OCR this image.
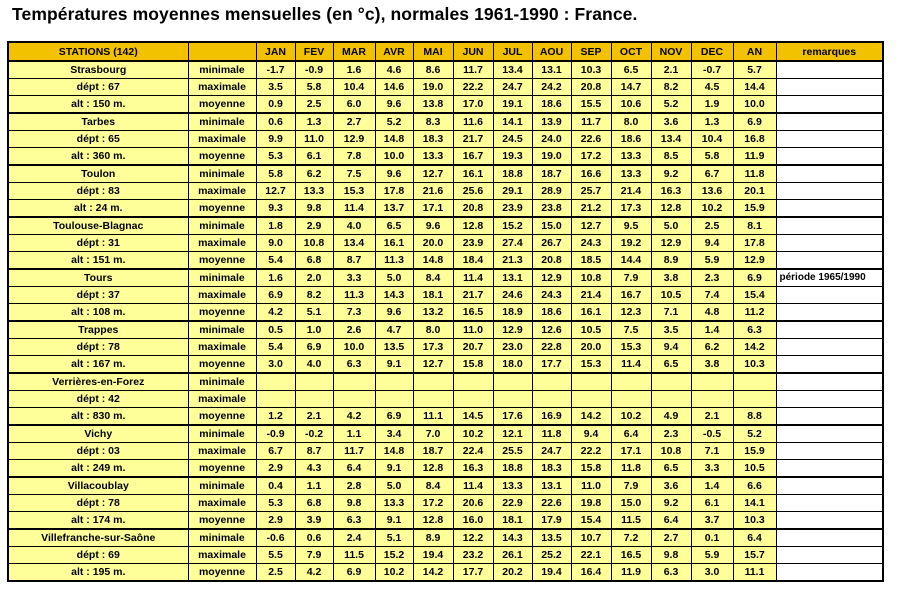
Températures moyennes mensuelles (en °c), normales 1961-1990 : France.
STATIONS (142)		JAN	FEV	MAR	AVR	MAI	JUN	JUL	AOU	SEP	OCT	NOV	DEC	AN	remarques
Strasbourg	minimale	-1.7	-0.9	1.6	4.6	8.6	11.7	13.4	13.1	10.3	6.5	2.1	-0.7	5.7	
dépt : 67	maximale	3.5	5.8	10.4	14.6	19.0	22.2	24.7	24.2	20.8	14.7	8.2	4.5	14.4	
alt : 150 m.	moyenne	0.9	2.5	6.0	9.6	13.8	17.0	19.1	18.6	15.5	10.6	5.2	1.9	10.0	
Tarbes	minimale	0.6	1.3	2.7	5.2	8.3	11.6	14.1	13.9	11.7	8.0	3.6	1.3	6.9	
dépt : 65	maximale	9.9	11.0	12.9	14.8	18.3	21.7	24.5	24.0	22.6	18.6	13.4	10.4	16.8	
alt : 360 m.	moyenne	5.3	6.1	7.8	10.0	13.3	16.7	19.3	19.0	17.2	13.3	8.5	5.8	11.9	
Toulon	minimale	5.8	6.2	7.5	9.6	12.7	16.1	18.8	18.7	16.6	13.3	9.2	6.7	11.8	
dépt : 83	maximale	12.7	13.3	15.3	17.8	21.6	25.6	29.1	28.9	25.7	21.4	16.3	13.6	20.1	
alt : 24 m.	moyenne	9.3	9.8	11.4	13.7	17.1	20.8	23.9	23.8	21.2	17.3	12.8	10.2	15.9	
Toulouse-Blagnac	minimale	1.8	2.9	4.0	6.5	9.6	12.8	15.2	15.0	12.7	9.5	5.0	2.5	8.1	
dépt : 31	maximale	9.0	10.8	13.4	16.1	20.0	23.9	27.4	26.7	24.3	19.2	12.9	9.4	17.8	
alt : 151 m.	moyenne	5.4	6.8	8.7	11.3	14.8	18.4	21.3	20.8	18.5	14.4	8.9	5.9	12.9	
Tours	minimale	1.6	2.0	3.3	5.0	8.4	11.4	13.1	12.9	10.8	7.9	3.8	2.3	6.9	période 1965/1990
dépt : 37	maximale	6.9	8.2	11.3	14.3	18.1	21.7	24.6	24.3	21.4	16.7	10.5	7.4	15.4	
alt : 108 m.	moyenne	4.2	5.1	7.3	9.6	13.2	16.5	18.9	18.6	16.1	12.3	7.1	4.8	11.2	
Trappes	minimale	0.5	1.0	2.6	4.7	8.0	11.0	12.9	12.6	10.5	7.5	3.5	1.4	6.3	
dépt : 78	maximale	5.4	6.9	10.0	13.5	17.3	20.7	23.0	22.8	20.0	15.3	9.4	6.2	14.2	
alt : 167 m.	moyenne	3.0	4.0	6.3	9.1	12.7	15.8	18.0	17.7	15.3	11.4	6.5	3.8	10.3	
Verrières-en-Forez	minimale														
dépt : 42	maximale														
alt : 830 m.	moyenne	1.2	2.1	4.2	6.9	11.1	14.5	17.6	16.9	14.2	10.2	4.9	2.1	8.8	
Vichy	minimale	-0.9	-0.2	1.1	3.4	7.0	10.2	12.1	11.8	9.4	6.4	2.3	-0.5	5.2	
dépt : 03	maximale	6.7	8.7	11.7	14.8	18.7	22.4	25.5	24.7	22.2	17.1	10.8	7.1	15.9	
alt : 249 m.	moyenne	2.9	4.3	6.4	9.1	12.8	16.3	18.8	18.3	15.8	11.8	6.5	3.3	10.5	
Villacoublay	minimale	0.4	1.1	2.8	5.0	8.4	11.4	13.3	13.1	11.0	7.9	3.6	1.4	6.6	
dépt : 78	maximale	5.3	6.8	9.8	13.3	17.2	20.6	22.9	22.6	19.8	15.0	9.2	6.1	14.1	
alt : 174 m.	moyenne	2.9	3.9	6.3	9.1	12.8	16.0	18.1	17.9	15.4	11.5	6.4	3.7	10.3	
Villefranche-sur-Saône	minimale	-0.6	0.6	2.4	5.1	8.9	12.2	14.3	13.5	10.7	7.2	2.7	0.1	6.4	
dépt : 69	maximale	5.5	7.9	11.5	15.2	19.4	23.2	26.1	25.2	22.1	16.5	9.8	5.9	15.7	
alt : 195 m.	moyenne	2.5	4.2	6.9	10.2	14.2	17.7	20.2	19.4	16.4	11.9	6.3	3.0	11.1	
